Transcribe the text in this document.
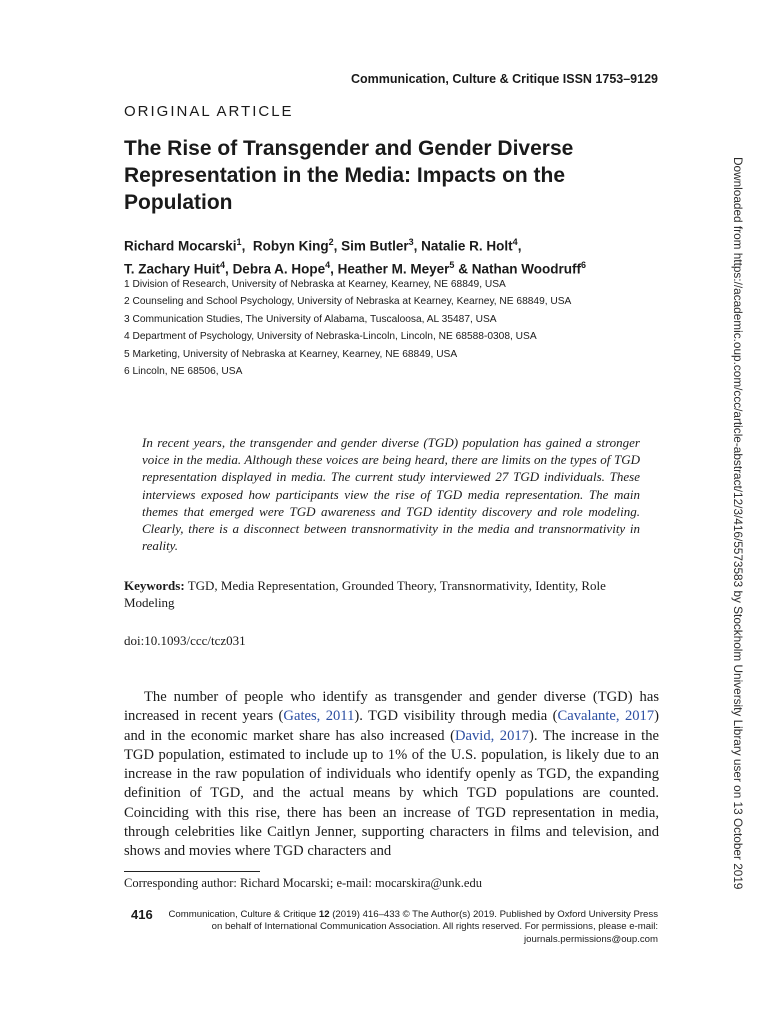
Communication, Culture & Critique ISSN 1753–9129
ORIGINAL ARTICLE
The Rise of Transgender and Gender Diverse Representation in the Media: Impacts on the Population
Richard Mocarski$^1$,  Robyn King$^2$, Sim Butler$^3$, Natalie R. Holt$^4$,
T. Zachary Huit$^4$, Debra A. Hope$^4$, Heather M. Meyer$^5$ & Nathan Woodruff$^6$
1 Division of Research, University of Nebraska at Kearney, Kearney, NE 68849, USA
2 Counseling and School Psychology, University of Nebraska at Kearney, Kearney, NE 68849, USA
3 Communication Studies, The University of Alabama, Tuscaloosa, AL 35487, USA
4 Department of Psychology, University of Nebraska-Lincoln, Lincoln, NE 68588-0308, USA
5 Marketing, University of Nebraska at Kearney, Kearney, NE 68849, USA
6 Lincoln, NE 68506, USA

In recent years, the transgender and gender diverse (TGD) population has gained a stronger voice in the media. Although these voices are being heard, there are limits on the types of TGD representation displayed in media. The current study interviewed 27 TGD individuals. These interviews exposed how participants view the rise of TGD media representation. The main themes that emerged were TGD awareness and TGD identity discovery and role modeling. Clearly, there is a disconnect between transnormativity in the media and transnormativity in reality.

Keywords: TGD, Media Representation, Grounded Theory, Transnormativity, Identity, Role Modeling

doi:10.1093/ccc/tcz031

The number of people who identify as transgender and gender diverse (TGD) has increased in recent years (Gates, 2011). TGD visibility through media (Cavalante, 2017) and in the economic market share has also increased (David, 2017). The increase in the TGD population, estimated to include up to 1% of the U.S. population, is likely due to an increase in the raw population of individuals who identify openly as TGD, the expanding definition of TGD, and the actual means by which TGD populations are counted. Coinciding with this rise, there has been an increase of TGD representation in media, through celebrities like Caitlyn Jenner, supporting characters in films and television, and shows and movies where TGD characters and

Corresponding author: Richard Mocarski; e-mail: mocarskira@unk.edu
416 Communication, Culture & Critique 12 (2019) 416–433 © The Author(s) 2019. Published by Oxford University Press on behalf of International Communication Association. All rights reserved. For permissions, please e-mail: journals.permissions@oup.com

Downloaded from https://academic.oup.com/ccc/article-abstract/12/3/416/5573583 by Stockholm University Library user on 13 October 2019
